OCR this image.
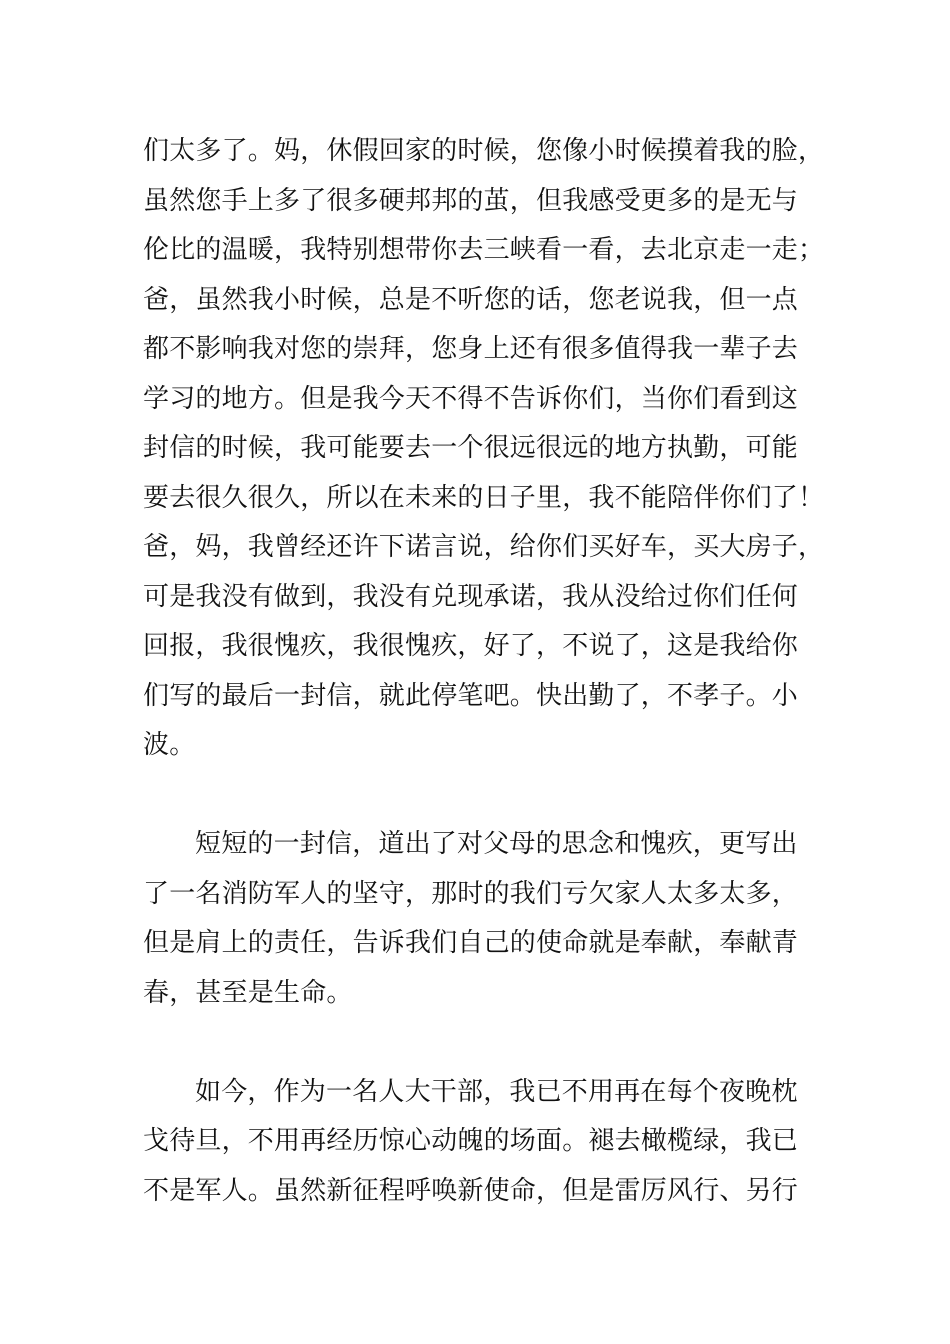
们太多了。妈，休假回家的时候，您像小时候摸着我的脸，
虽然您手上多了很多硬邦邦的茧，但我感受更多的是无与
伦比的温暖，我特别想带你去三峡看一看，去北京走一走；
爸，虽然我小时候，总是不听您的话，您老说我，但一点
都不影响我对您的崇拜，您身上还有很多值得我一辈子去
学习的地方。但是我今天不得不告诉你们，当你们看到这
封信的时候，我可能要去一个很远很远的地方执勤，可能
要去很久很久，所以在未来的日子里，我不能陪伴你们了！
爸，妈，我曾经还许下诺言说，给你们买好车，买大房子，
可是我没有做到，我没有兑现承诺，我从没给过你们任何
回报，我很愧疚，我很愧疚，好了，不说了，这是我给你
们写的最后一封信，就此停笔吧。快出勤了，不孝子。小
波。
短短的一封信，道出了对父母的思念和愧疚，更写出
了一名消防军人的坚守，那时的我们亏欠家人太多太多，
但是肩上的责任，告诉我们自己的使命就是奉献，奉献青
春，甚至是生命。
如今，作为一名人大干部，我已不用再在每个夜晚枕
戈待旦，不用再经历惊心动魄的场面。褪去橄榄绿，我已
不是军人。虽然新征程呼唤新使命，但是雷厉风行、另行
